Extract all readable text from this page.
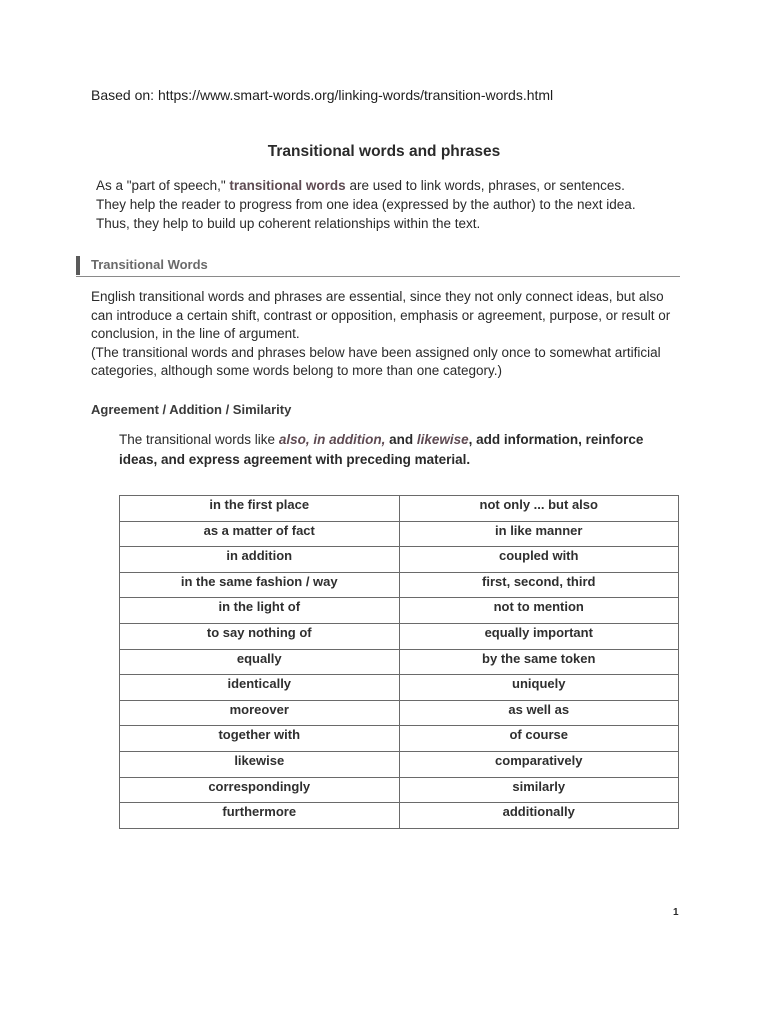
Based on: https://www.smart-words.org/linking-words/transition-words.html
Transitional words and phrases
As a "part of speech," transitional words are used to link words, phrases, or sentences. They help the reader to progress from one idea (expressed by the author) to the next idea. Thus, they help to build up coherent relationships within the text.
Transitional Words
English transitional words and phrases are essential, since they not only connect ideas, but also can introduce a certain shift, contrast or opposition, emphasis or agreement, purpose, or result or conclusion, in the line of argument.
(The transitional words and phrases below have been assigned only once to somewhat artificial categories, although some words belong to more than one category.)
Agreement / Addition / Similarity
The transitional words like also, in addition, and likewise, add information, reinforce ideas, and express agreement with preceding material.
in the first place	not only ... but also
as a matter of fact	in like manner
in addition	coupled with
in the same fashion / way	first, second, third
in the light of	not to mention
to say nothing of	equally important
equally	by the same token
identically	uniquely
moreover	as well as
together with	of course
likewise	comparatively
correspondingly	similarly
furthermore	additionally
1
